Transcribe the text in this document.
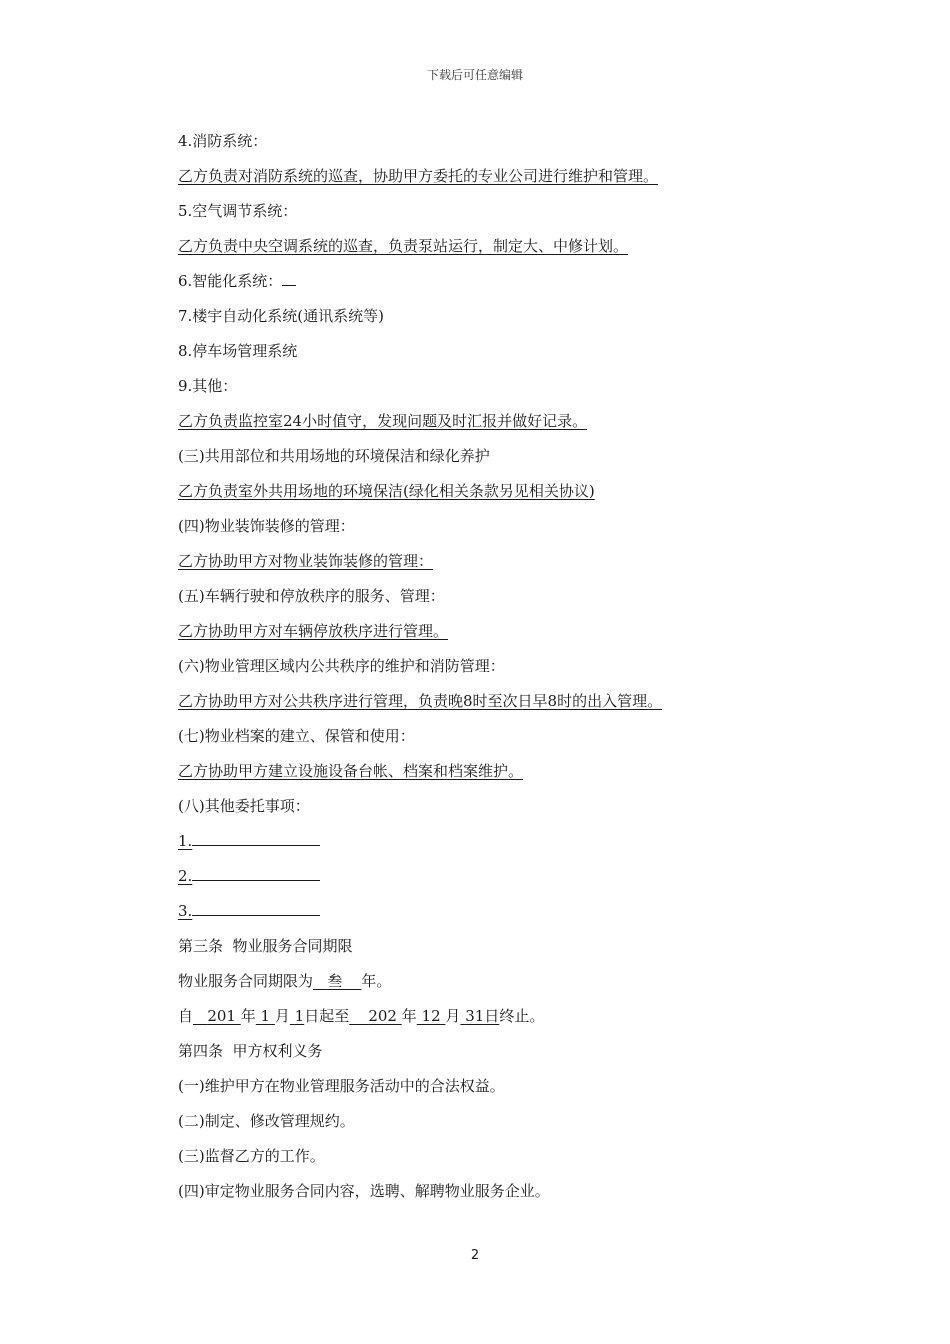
下载后可任意编辑
4.消防系统：
乙方负责对消防系统的巡查，协助甲方委托的专业公司进行维护和管理。
5.空气调节系统：
乙方负责中央空调系统的巡查，负责泵站运行，制定大、中修计划。
6.智能化系统：
7.楼宇自动化系统(通讯系统等)
8.停车场管理系统
9.其他：
乙方负责监控室24小时值守，发现问题及时汇报并做好记录。
(三)共用部位和共用场地的环境保洁和绿化养护
乙方负责室外共用场地的环境保洁(绿化相关条款另见相关协议)
(四)物业装饰装修的管理：
乙方协助甲方对物业装饰装修的管理：
(五)车辆行驶和停放秩序的服务、管理：
乙方协助甲方对车辆停放秩序进行管理。
(六)物业管理区域内公共秩序的维护和消防管理：
乙方协助甲方对公共秩序进行管理，负责晚8时至次日早8时的出入管理。
(七)物业档案的建立、保管和使用：
乙方协助甲方建立设施设备台帐、档案和档案维护。
(八)其他委托事项：
1.
2.
3.
第三条  物业服务合同期限
物业服务合同期限为 叁 年。
自 201 年 1 月 1日起至 202 年 12 月 31日终止。
第四条  甲方权利义务
(一)维护甲方在物业管理服务活动中的合法权益。
(二)制定、修改管理规约。
(三)监督乙方的工作。
(四)审定物业服务合同内容，选聘、解聘物业服务企业。
2
